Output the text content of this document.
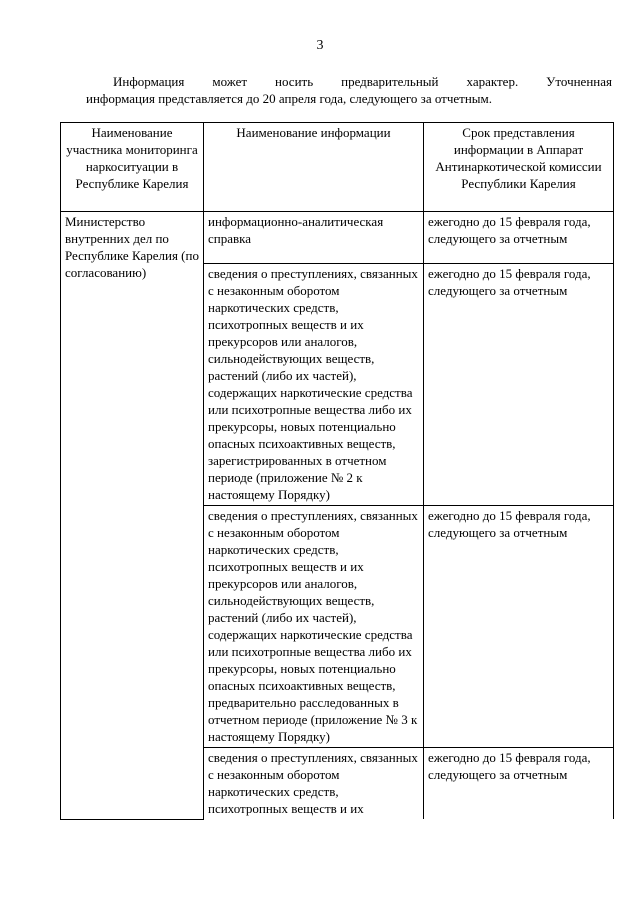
3
Информация может носить предварительный характер. Уточненная
информация представляется до 20 апреля года, следующего за отчетным.
Наименование участника мониторинга наркоситуации в Республике Карелия	Наименование информации	Срок представления информации в Аппарат Антинаркотической комиссии Республики Карелия
Министерство внутренних дел по Республике Карелия (по согласованию)	информационно-аналитическая справка	ежегодно до 15 февраля года, следующего за отчетным
	сведения о преступлениях, связанных с незаконным оборотом наркотических средств, психотропных веществ и их прекурсоров или аналогов, сильнодействующих веществ, растений (либо их частей), содержащих наркотические средства или психотропные вещества либо их прекурсоры, новых потенциально опасных психоактивных веществ, зарегистрированных в отчетном периоде (приложение № 2 к настоящему Порядку)	ежегодно до 15 февраля года, следующего за отчетным
	сведения о преступлениях, связанных с незаконным оборотом наркотических средств, психотропных веществ и их прекурсоров или аналогов, сильнодействующих веществ, растений (либо их частей), содержащих наркотические средства или психотропные вещества либо их прекурсоры, новых потенциально опасных психоактивных веществ, предварительно расследованных в отчетном периоде (приложение № 3 к настоящему Порядку)	ежегодно до 15 февраля года, следующего за отчетным
	сведения о преступлениях, связанных с незаконным оборотом наркотических средств, психотропных веществ и их	ежегодно до 15 февраля года, следующего за отчетным
